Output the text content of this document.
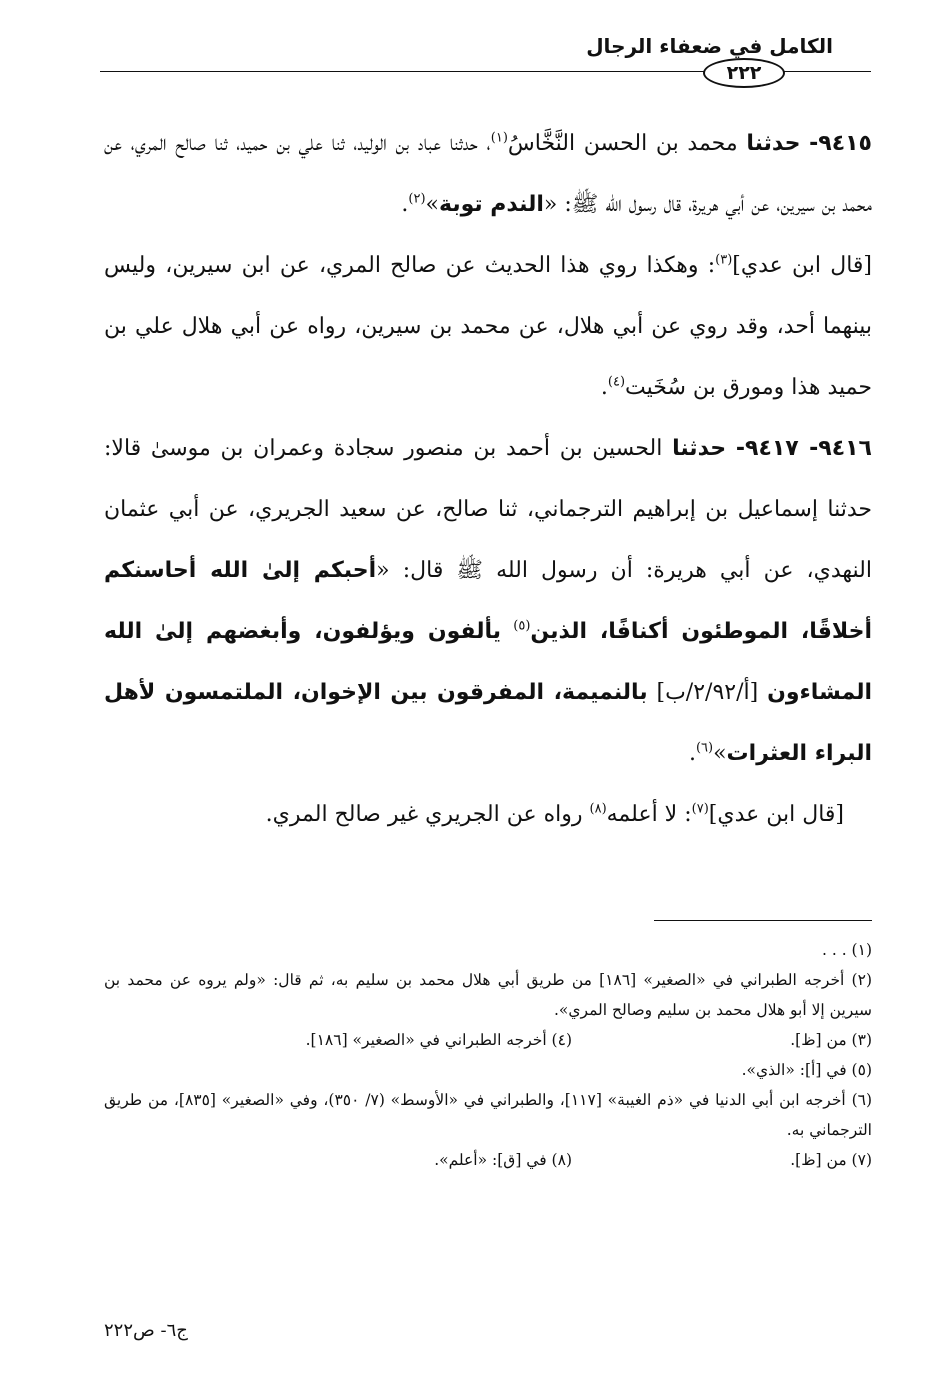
الكامل في ضعفاء الرجال
٢٢٢

٩٤١٥- حدثنا محمد بن الحسن النَّخَّاسُ$^{(١)}$، حدثنا عباد بن الوليد، ثنا علي بن حميد، ثنا صالح المري، عن محمد بن سيرين، عن أبي هريرة، قال رسول الله ﷺ: «الندم توبة»$^{(٢)}$.

[قال ابن عدي]$^{(٣)}$: وهكذا روي هذا الحديث عن صالح المري، عن ابن سيرين، وليس بينهما أحد، وقد روي عن أبي هلال، عن محمد بن سيرين، رواه عن أبي هلال علي بن حميد هذا ومورق بن سُخَيت$^{(٤)}$.

٩٤١٦- ٩٤١٧- حدثنا الحسين بن أحمد بن منصور سجادة وعمران بن موسىٰ قالا: حدثنا إسماعيل بن إبراهيم الترجماني، ثنا صالح، عن سعيد الجريري، عن أبي عثمان النهدي، عن أبي هريرة: أن رسول الله ﷺ قال: «أحبكم إلىٰ الله أحاسنكم أخلاقًا، الموطئون أكنافًا، الذين$^{(٥)}$ يألفون ويؤلفون، وأبغضهم إلىٰ الله المشاءون [أ/٢/٩٢/ب] بالنميمة، المفرقون بين الإخوان، الملتمسون لأهل البراء العثرات»$^{(٦)}$.

[قال ابن عدي]$^{(٧)}$: لا أعلمه$^{(٨)}$ رواه عن الجريري غير صالح المري.

(١) . . .

(٢) أخرجه الطبراني في «الصغير» [١٨٦] من طريق أبي هلال محمد بن سليم به، ثم قال: «ولم يروه عن محمد بن سيرين إلا أبو هلال محمد بن سليم وصالح المري».

(٣) من [ظ].
(٤) أخرجه الطبراني في «الصغير» [١٨٦].

(٥) في [أ]: «الذي».

(٦) أخرجه ابن أبي الدنيا في «ذم الغيبة» [١١٧]، والطبراني في «الأوسط» (٧/ ٣٥٠)، وفي «الصغير» [٨٣٥]، من طريق الترجماني به.

(٧) من [ظ].
(٨) في [ق]: «أعلم».
ج٦- ص٢٢٢
